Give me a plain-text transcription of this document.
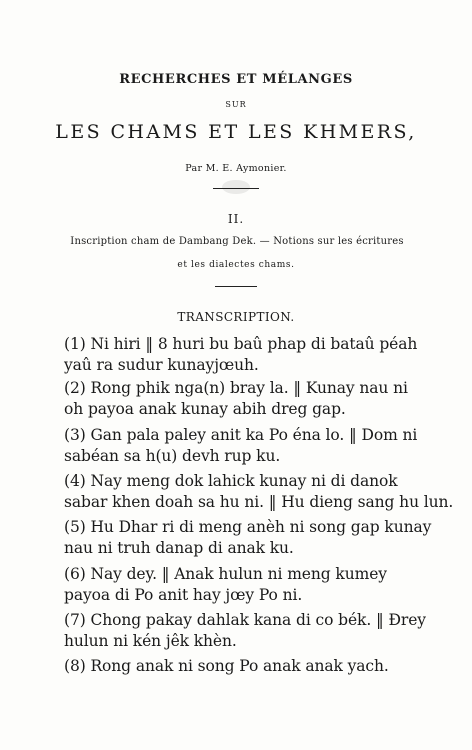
RECHERCHES ET MÉLANGES
SUR
LES CHAMS ET LES KHMERS,
Par M. E. Aymonier.
II.
Inscription cham de Dambang Dek. — Notions sur les écritures
et les dialectes chams.
TRANSCRIPTION.
(1) Ni hiri ‖ 8 huri bu baû phap di bataû péah
yaû ra sudur kunayjœuh.
(2) Rong phik nga(n) bray la. ‖ Kunay nau ni
oh payoa anak kunay abih dreg gap.
(3) Gan pala paley anit ka Po éna lo. ‖ Dom ni
sabéan sa h(u) devh rup ku.
(4) Nay meng dok lahick kunay ni di danok
sabar khen doah sa hu ni. ‖ Hu dieng sang hu lun.
(5) Hu Dhar ri di meng anèh ni song gap kunay
nau ni truh danap di anak ku.
(6) Nay dey. ‖ Anak hulun ni meng kumey
payoa di Po anit hay jœy Po ni.
(7) Chong pakay dahlak kana di co bék. ‖ Ðrey
hulun ni kén jêk khèn.
(8) Rong anak ni song Po anak anak yach.
